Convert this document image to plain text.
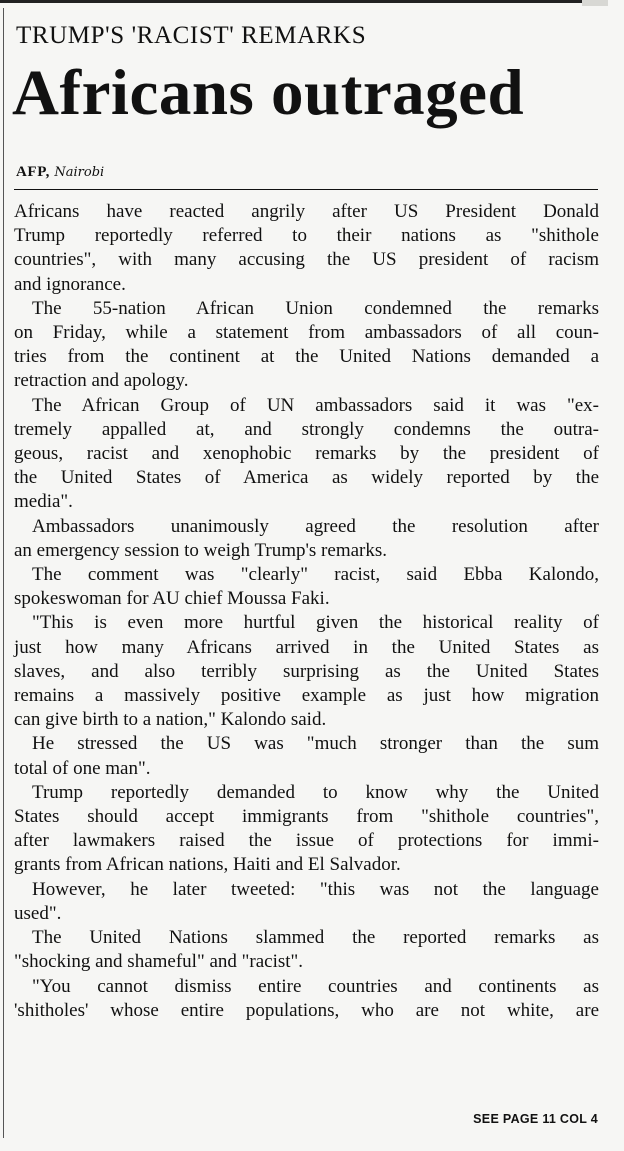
TRUMP'S 'RACIST' REMARKS
Africans outraged
AFP, Nairobi
Africans have reacted angrily after US President Donald
Trump reportedly referred to their nations as "shithole
countries", with many accusing the US president of racism
and ignorance.
The 55-nation African Union condemned the remarks
on Friday, while a statement from ambassadors of all coun-
tries from the continent at the United Nations demanded a
retraction and apology.
The African Group of UN ambassadors said it was "ex-
tremely appalled at, and strongly condemns the outra-
geous, racist and xenophobic remarks by the president of
the United States of America as widely reported by the
media".
Ambassadors unanimously agreed the resolution after
an emergency session to weigh Trump's remarks.
The comment was "clearly" racist, said Ebba Kalondo,
spokeswoman for AU chief Moussa Faki.
"This is even more hurtful given the historical reality of
just how many Africans arrived in the United States as
slaves, and also terribly surprising as the United States
remains a massively positive example as just how migration
can give birth to a nation," Kalondo said.
He stressed the US was "much stronger than the sum
total of one man".
Trump reportedly demanded to know why the United
States should accept immigrants from "shithole countries",
after lawmakers raised the issue of protections for immi-
grants from African nations, Haiti and El Salvador.
However, he later tweeted: "this was not the language
used".
The United Nations slammed the reported remarks as
"shocking and shameful" and "racist".
"You cannot dismiss entire countries and continents as
'shitholes' whose entire populations, who are not white, are
SEE PAGE 11 COL 4
